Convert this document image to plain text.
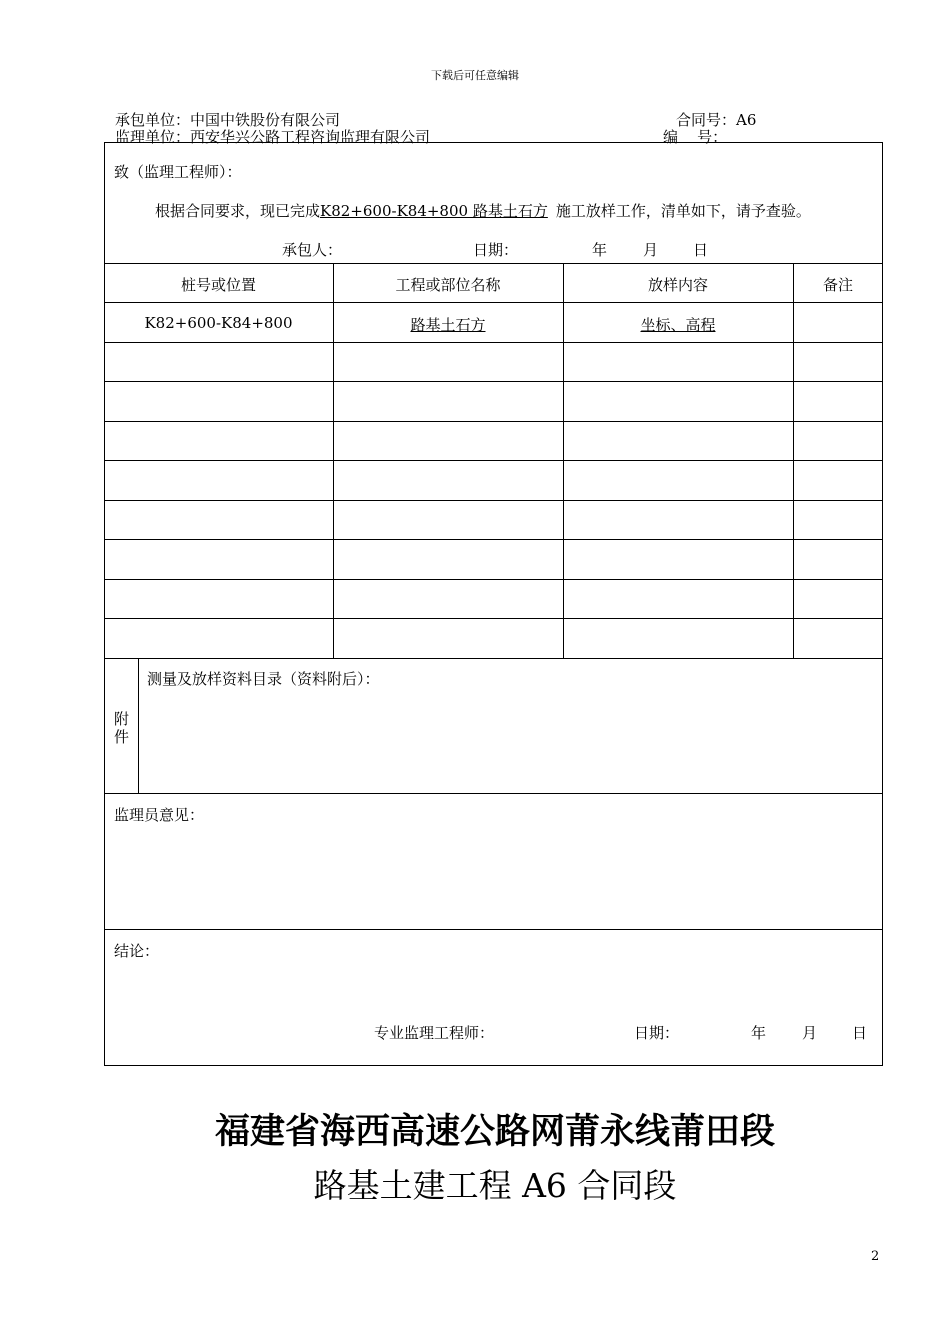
下载后可任意编辑
承包单位：中国中铁股份有限公司	合同号：A6
监理单位：西安华兴公路工程咨询监理有限公司	编    号：
致（监理工程师）：
根据合同要求，现已完成K82+600-K84+800 路基土石方 施工放样工作，清单如下，请予查验。
承包人：	日期：	年 月 日
桩号或位置	工程或部位名称	放样内容	备注
K82+600-K84+800	路基土石方	坐标、高程
附
件
测量及放样资料目录（资料附后）：
监理员意见：
结论：
专业监理工程师：	日期：	年 月 日
福建省海西高速公路网莆永线莆田段
路基土建工程 A6 合同段
2
